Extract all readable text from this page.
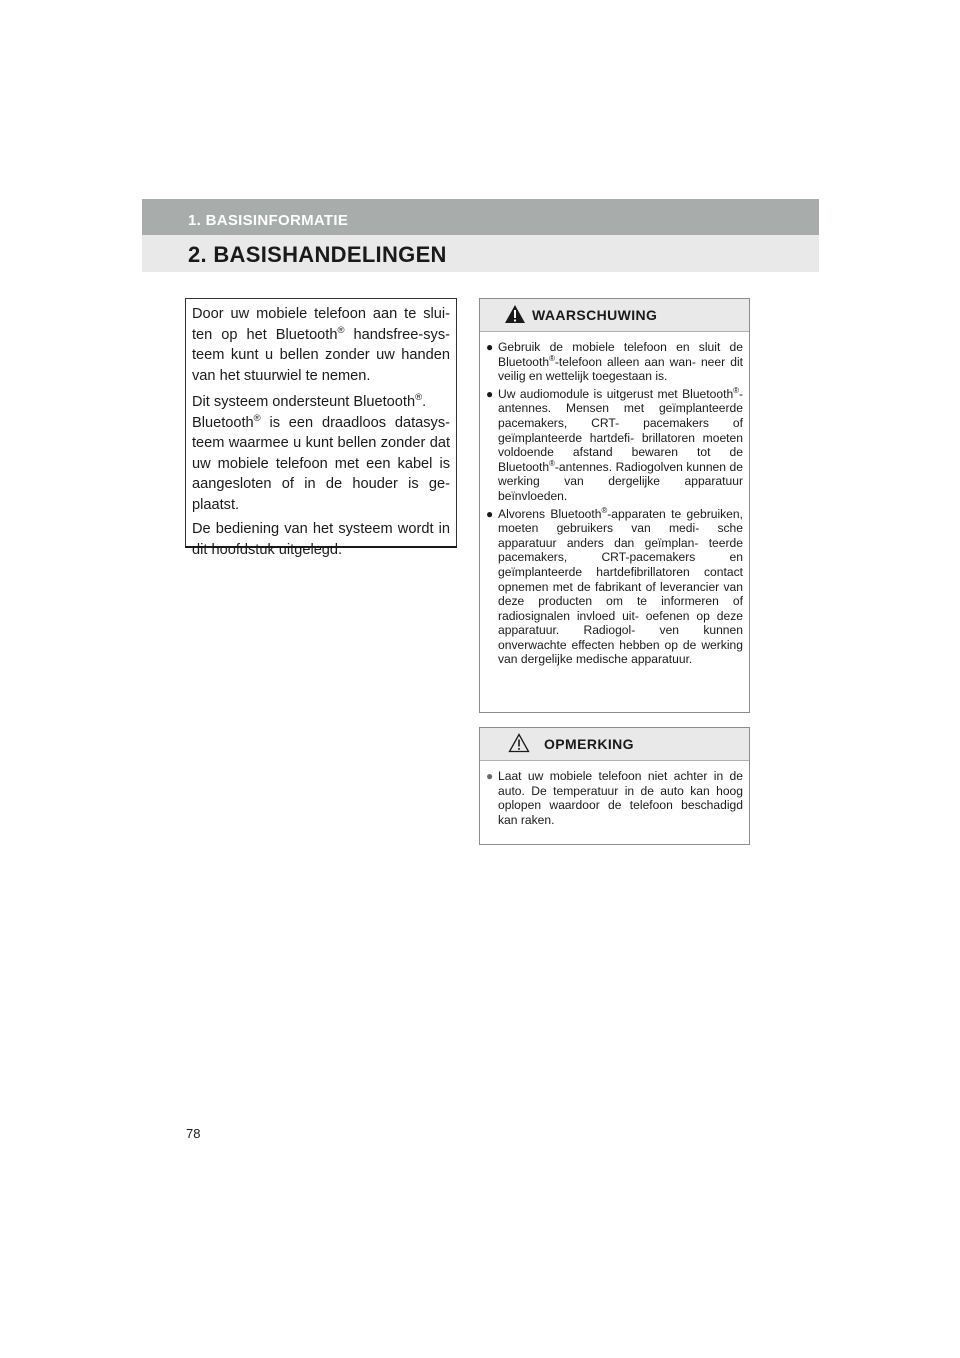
1. BASISINFORMATIE
2. BASISHANDELINGEN

Door uw mobiele telefoon aan te slui- ten op het Bluetooth® handsfree-sys- teem kunt u bellen zonder uw handen van het stuurwiel te nemen.

Dit systeem ondersteunt Bluetooth®.
Bluetooth® is een draadloos datasys- teem waarmee u kunt bellen zonder dat uw mobiele telefoon met een kabel is aangesloten of in de houder is ge- plaatst.

De bediening van het systeem wordt in dit hoofdstuk uitgelegd.

WAARSCHUWING
● Gebruik de mobiele telefoon en sluit de Bluetooth®-telefoon alleen aan wan- neer dit veilig en wettelijk toegestaan is.
● Uw audiomodule is uitgerust met Bluetooth®-antennes. Mensen met geïmplanteerde pacemakers, CRT- pacemakers of geïmplanteerde hartdefi- brillatoren moeten voldoende afstand bewaren tot de Bluetooth®-antennes. Radiogolven kunnen de werking van dergelijke apparatuur beïnvloeden.
● Alvorens Bluetooth®-apparaten te gebruiken, moeten gebruikers van medi- sche apparatuur anders dan geïmplan- teerde pacemakers, CRT-pacemakers en geïmplanteerde hartdefibrillatoren contact opnemen met de fabrikant of leverancier van deze producten om te informeren of radiosignalen invloed uit- oefenen op deze apparatuur. Radiogol- ven kunnen onverwachte effecten hebben op de werking van dergelijke medische apparatuur.
OPMERKING
● Laat uw mobiele telefoon niet achter in de auto. De temperatuur in de auto kan hoog oplopen waardoor de telefoon beschadigd kan raken.
78
